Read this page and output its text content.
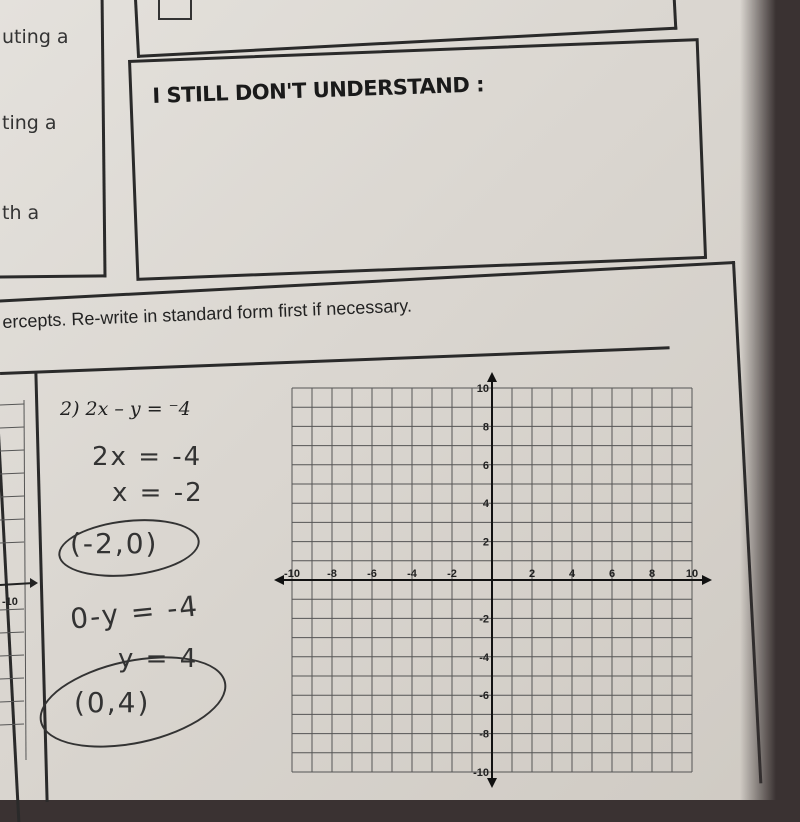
uting a
ting a
th a
I STILL DON'T UNDERSTAND :
ercepts. Re-write in standard form first if necessary.
-10
2) 2x – y = ⁻4
2x = -4
x = -2
(-2,0)
0-y = -4
y = 4
(0,4)
-10 -8	-6	-4	-2	2	4	6	8	10
10
8
6
4
2
-2
-4
-6
-8
-10
